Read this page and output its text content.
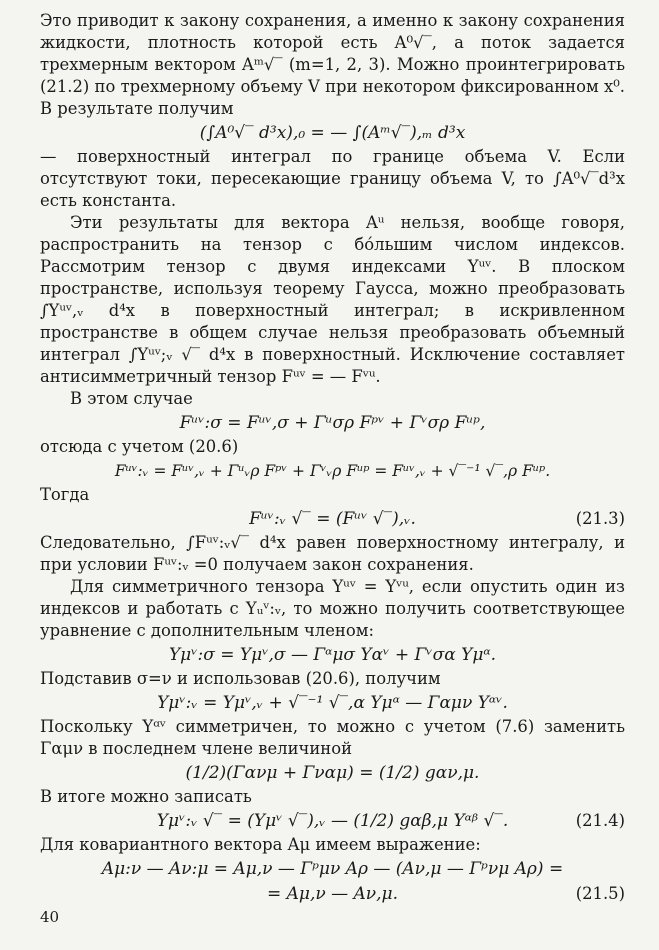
Это приводит к закону сохранения, а именно к закону сохранения жидкости, плотность которой есть A⁰√‾, а поток задается трехмерным вектором Aᵐ√‾ (m=1, 2, 3). Можно проинтегрировать (21.2) по трехмерному объему V при некотором фиксированном x⁰. В результате получим

(∫A⁰√‾ d³x),₀ = — ∫(Aᵐ√‾),ₘ d³x

— поверхностный интеграл по границе объема V. Если отсутствуют токи, пересекающие границу объема V, то ∫A⁰√‾d³x есть константа.

Эти результаты для вектора Aᵘ нельзя, вообще говоря, распространить на тензор с бо́льшим числом индексов. Рассмотрим тензор с двумя индексами Yᵘᵛ. В плоском пространстве, используя теорему Гаусса, можно преобразовать ∫Yᵘᵛ,ᵥ d⁴x в поверхностный интеграл; в искривленном пространстве в общем случае нельзя преобразовать объемный интеграл ∫Yᵘᵛ;ᵥ √‾ d⁴x в поверхностный. Исключение составляет антисимметричный тензор Fᵘᵛ = — Fᵛᵘ.

В этом случае

Fᵘᵛ:σ = Fᵘᵛ,σ + Γᵘσρ Fᵖᵛ + Γᵛσρ Fᵘᵖ,

отсюда с учетом (20.6)

Fᵘᵛ:ᵥ = Fᵘᵛ,ᵥ + Γᵘᵥρ Fᵖᵛ + Γᵛᵥρ Fᵘᵖ = Fᵘᵛ,ᵥ + √‾⁻¹ √‾,ρ Fᵘᵖ.

Тогда

Fᵘᵛ:ᵥ √‾ = (Fᵘᵛ √‾),ᵥ.	(21.3)

Следовательно, ∫Fᵘᵛ:ᵥ√‾ d⁴x равен поверхностному интегралу, и при условии Fᵘᵛ:ᵥ =0 получаем закон сохранения.

Для симметричного тензора Yᵘᵛ = Yᵛᵘ, если опустить один из индексов и работать с Yᵤᵛ:ᵥ, то можно получить соответствующее уравнение с дополнительным членом:

Yμᵛ:σ = Yμᵛ,σ — Γᵅμσ Yαᵛ + Γᵛσα Yμᵅ.

Подставив σ=ν и использовав (20.6), получим

Yμᵛ:ᵥ = Yμᵛ,ᵥ + √‾⁻¹ √‾,α Yμᵅ — Γαμν Yᵅᵛ.

Поскольку Yᵅᵛ симметричен, то можно с учетом (7.6) заменить Γαμν в последнем члене величиной

(1/2)(Γανμ + Γναμ) = (1/2) gαν,μ.

В итоге можно записать

Yμᵛ:ᵥ √‾ = (Yμᵛ √‾),ᵥ — (1/2) gαβ,μ Yᵅᵝ √‾.	(21.4)

Для ковариантного вектора Aμ имеем выражение:

Aμ:ν — Aν:μ = Aμ,ν — Γᵖμν Aρ — (Aν,μ — Γᵖνμ Aρ) =
= Aμ,ν — Aν,μ.	(21.5)
40
